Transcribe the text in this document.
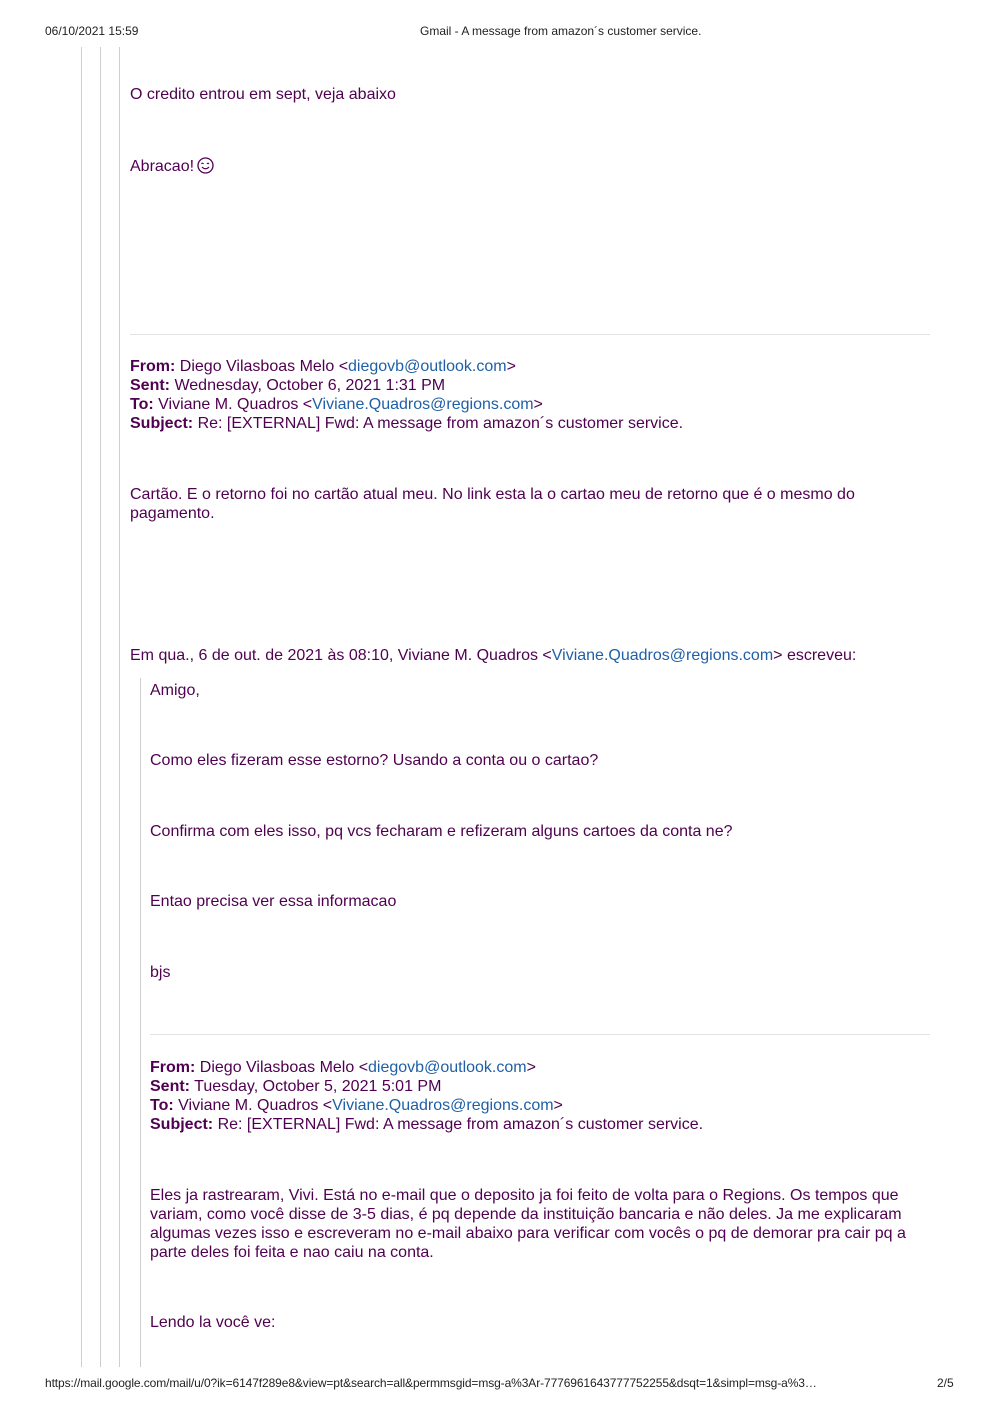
06/10/2021 15:59	Gmail - A message from amazon´s customer service.
O credito entrou em sept, veja abaixo
Abracao!
From: Diego Vilasboas Melo <diegovb@outlook.com>
Sent: Wednesday, October 6, 2021 1:31 PM
To: Viviane M. Quadros <Viviane.Quadros@regions.com>
Subject: Re: [EXTERNAL] Fwd: A message from amazon´s customer service.
Cartão. E o retorno foi no cartão atual meu. No link esta la o cartao meu de retorno que é o mesmo do pagamento.
Em qua., 6 de out. de 2021 às 08:10, Viviane M. Quadros <Viviane.Quadros@regions.com> escreveu:
Amigo,
Como eles fizeram esse estorno? Usando a conta ou o cartao?
Confirma com eles isso, pq vcs fecharam e refizeram alguns cartoes da conta ne?
Entao precisa ver essa informacao
bjs
From: Diego Vilasboas Melo <diegovb@outlook.com>
Sent: Tuesday, October 5, 2021 5:01 PM
To: Viviane M. Quadros <Viviane.Quadros@regions.com>
Subject: Re: [EXTERNAL] Fwd: A message from amazon´s customer service.
Eles ja rastrearam, Vivi. Está no e-mail que o deposito ja foi feito de volta para o Regions. Os tempos que variam, como você disse de 3-5 dias, é pq depende da instituição bancaria e não deles. Ja me explicaram algumas vezes isso e escreveram no e-mail abaixo para verificar com vocês o pq de demorar pra cair pq a parte deles foi feita e nao caiu na conta.
Lendo la você ve:
https://mail.google.com/mail/u/0?ik=6147f289e8&view=pt&search=all&permmsgid=msg-a%3Ar-7776961643777752255&dsqt=1&simpl=msg-a%3…	2/5
